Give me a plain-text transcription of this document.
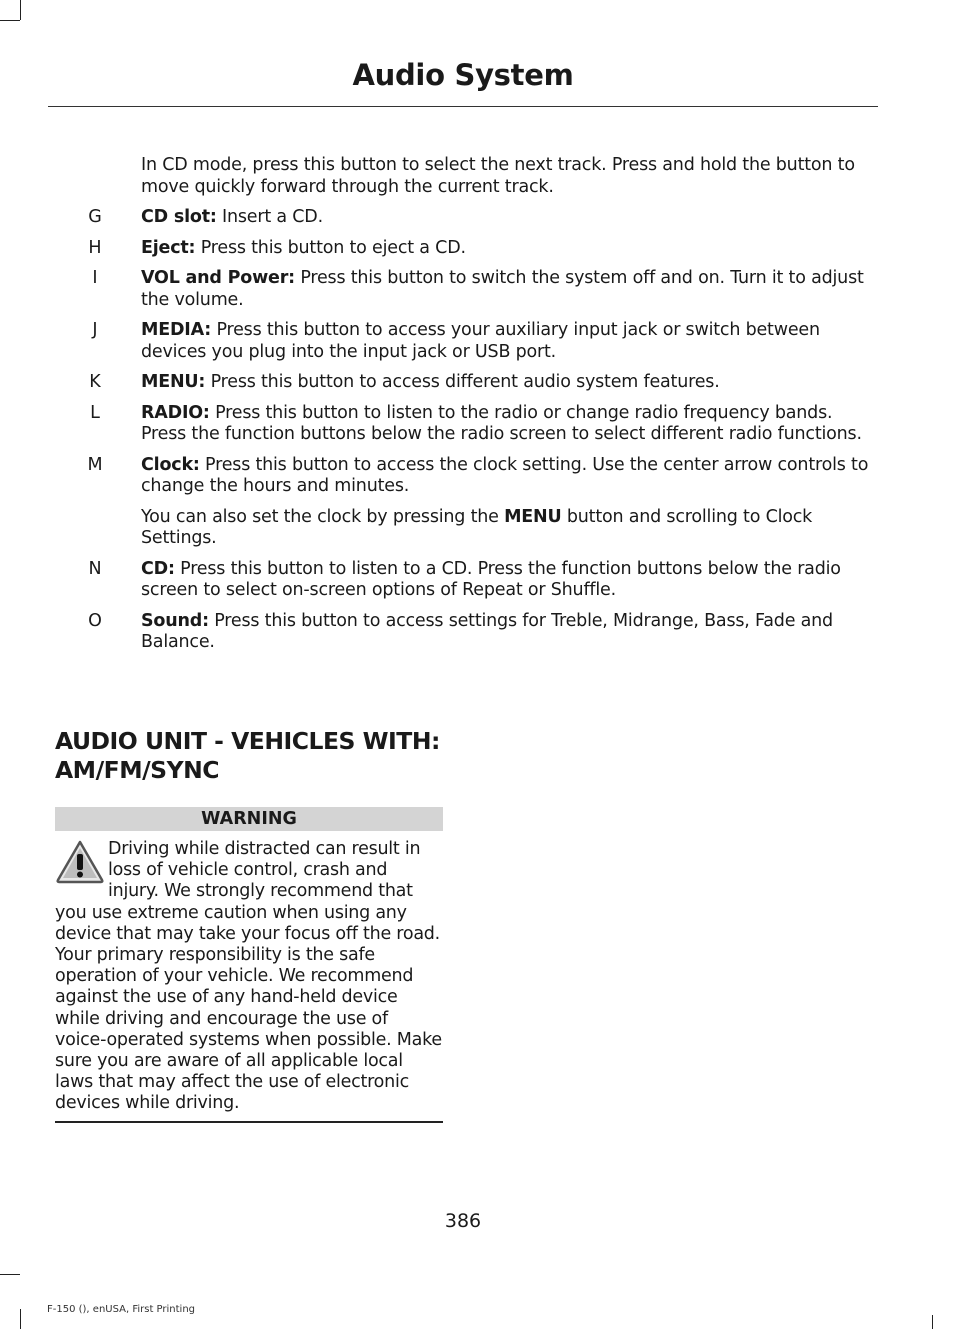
Audio System
In CD mode, press this button to select the next track. Press and hold the button to move quickly forward through the current track.
G	CD slot: Insert a CD.
H	Eject: Press this button to eject a CD.
I	VOL and Power: Press this button to switch the system off and on. Turn it to adjust the volume.
J	MEDIA: Press this button to access your auxiliary input jack or switch between devices you plug into the input jack or USB port.
K	MENU: Press this button to access different audio system features.
L	RADIO: Press this button to listen to the radio or change radio frequency bands. Press the function buttons below the radio screen to select different radio functions.
M	Clock: Press this button to access the clock setting. Use the center arrow controls to change the hours and minutes.
You can also set the clock by pressing the MENU button and scrolling to Clock Settings.
N	CD: Press this button to listen to a CD. Press the function buttons below the radio screen to select on-screen options of Repeat or Shuffle.
O	Sound: Press this button to access settings for Treble, Midrange, Bass, Fade and Balance.
AUDIO UNIT - VEHICLES WITH:
AM/FM/SYNC
WARNING
Driving while distracted can result in loss of vehicle control, crash and injury. We strongly recommend that you use extreme caution when using any device that may take your focus off the road. Your primary responsibility is the safe operation of your vehicle. We recommend against the use of any hand-held device while driving and encourage the use of voice-operated systems when possible. Make sure you are aware of all applicable local laws that may affect the use of electronic devices while driving.
386
F-150 (), enUSA, First Printing
